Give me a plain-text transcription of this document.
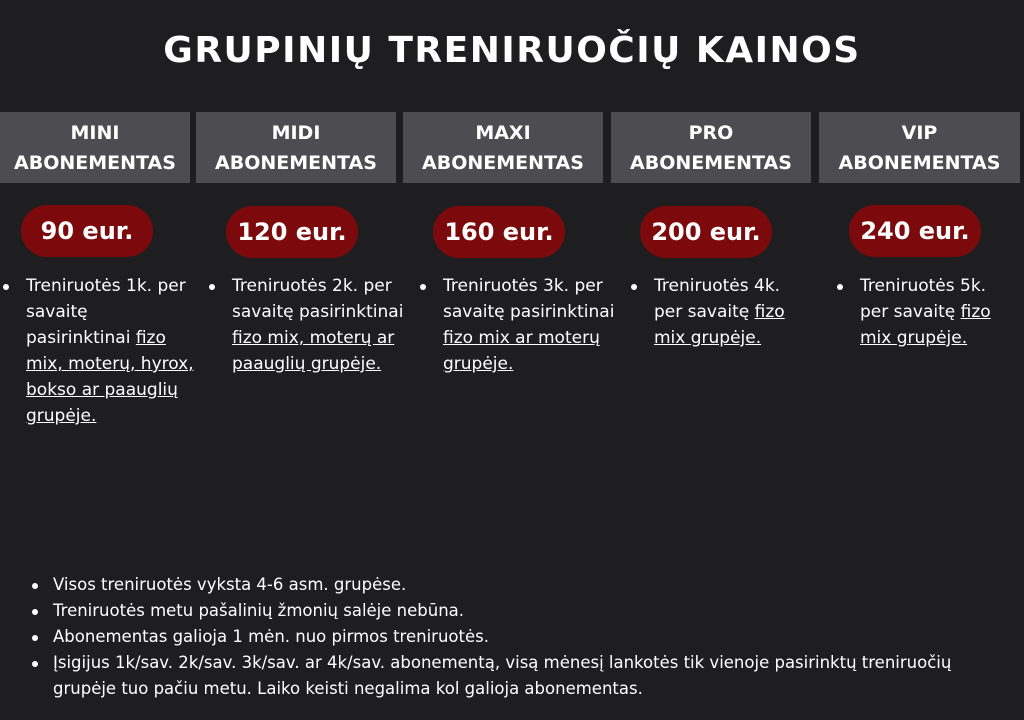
GRUPINIŲ TRENIRUOČIŲ KAINOS
MINI
ABONEMENTAS
90 eur.
Treniruotės 1k. per savaitę pasirinktinai fizo mix, moterų, hyrox, bokso ar paauglių grupėje.
MIDI
ABONEMENTAS
120 eur.
Treniruotės 2k. per savaitę pasirinktinai fizo mix, moterų ar paauglių grupėje.
MAXI
ABONEMENTAS
160 eur.
Treniruotės 3k. per savaitę pasirinktinai fizo mix ar moterų grupėje.
PRO
ABONEMENTAS
200 eur.
Treniruotės 4k. per savaitę fizo mix grupėje.
VIP
ABONEMENTAS
240 eur.
Treniruotės 5k. per savaitę fizo mix grupėje.
Visos treniruotės vyksta 4-6 asm. grupėse.
Treniruotės metu pašalinių žmonių salėje nebūna.
Abonementas galioja 1 mėn. nuo pirmos treniruotės.
Įsigijus 1k/sav. 2k/sav. 3k/sav. ar 4k/sav. abonementą, visą mėnesį lankotės tik vienoje pasirinktų treniruočių grupėje tuo pačiu metu. Laiko keisti negalima kol galioja abonementas.
